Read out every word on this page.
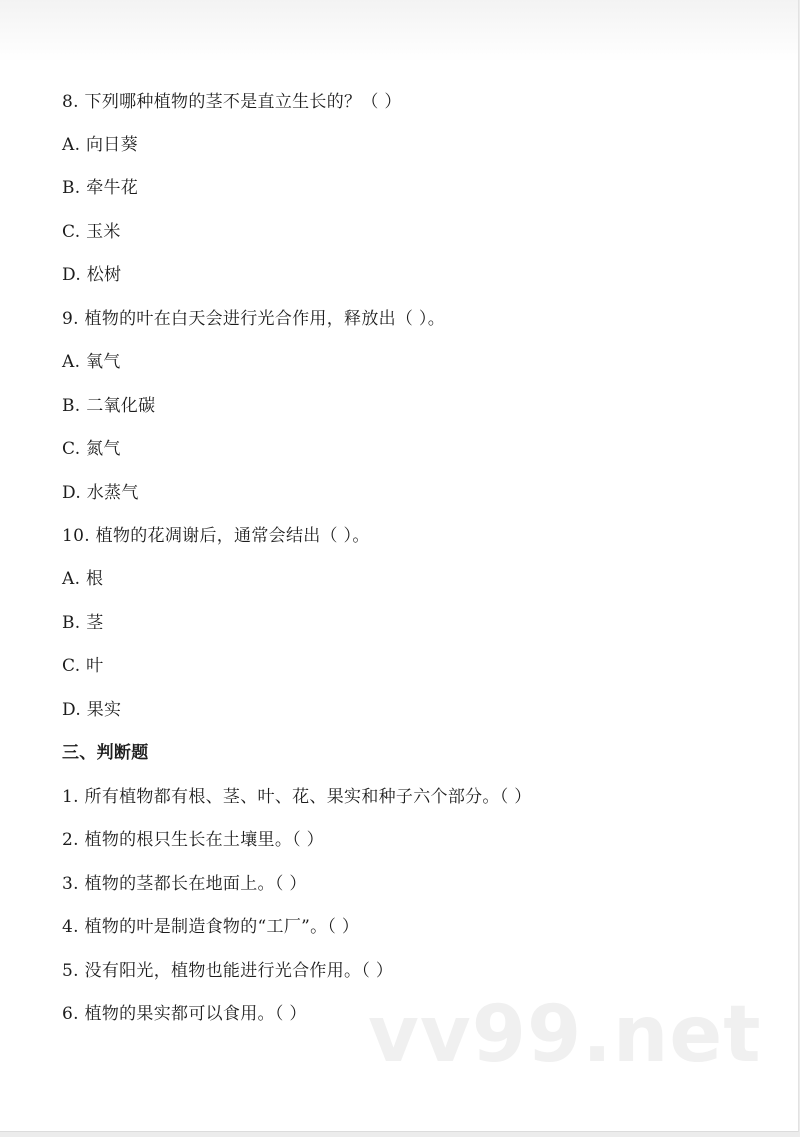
8. 下列哪种植物的茎不是直立生长的？（ ）
A. 向日葵
B. 牵牛花
C. 玉米
D. 松树
9. 植物的叶在白天会进行光合作用，释放出（ ）。
A. 氧气
B. 二氧化碳
C. 氮气
D. 水蒸气
10. 植物的花凋谢后，通常会结出（ ）。
A. 根
B. 茎
C. 叶
D. 果实
三、判断题
1. 所有植物都有根、茎、叶、花、果实和种子六个部分。（ ）
2. 植物的根只生长在土壤里。（ ）
3. 植物的茎都长在地面上。（ ）
4. 植物的叶是制造食物的“工厂”。（ ）
5. 没有阳光，植物也能进行光合作用。（ ）
6. 植物的果实都可以食用。（ ） vv99.net
